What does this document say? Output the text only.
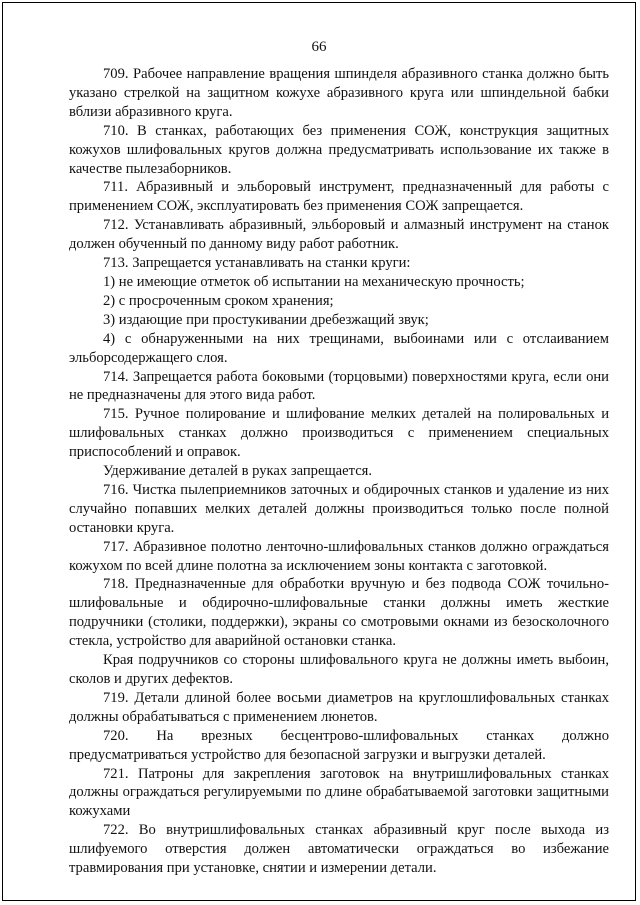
66

709. Рабочее направление вращения шпинделя абразивного станка должно быть указано стрелкой на защитном кожухе абразивного круга или шпиндельной бабки вблизи абразивного круга.

710. В станках, работающих без применения СОЖ, конструкция защитных кожухов шлифовальных кругов должна предусматривать использование их также в качестве пылезаборников.

711. Абразивный и эльборовый инструмент, предназначенный для работы с применением СОЖ, эксплуатировать без применения СОЖ запрещается.

712. Устанавливать абразивный, эльборовый и алмазный инструмент на станок должен обученный по данному виду работ работник.

713. Запрещается устанавливать на станки круги:

1) не имеющие отметок об испытании на механическую прочность;

2) с просроченным сроком хранения;

3) издающие при простукивании дребезжащий звук;

4) с обнаруженными на них трещинами, выбоинами или с отслаиванием эльборсодержащего слоя.

714. Запрещается работа боковыми (торцовыми) поверхностями круга, если они не предназначены для этого вида работ.

715. Ручное полирование и шлифование мелких деталей на полировальных и шлифовальных станках должно производиться с применением специальных приспособлений и оправок.

Удерживание деталей в руках запрещается.

716. Чистка пылеприемников заточных и обдирочных станков и удаление из них случайно попавших мелких деталей должны производиться только после полной остановки круга.

717. Абразивное полотно ленточно-шлифовальных станков должно ограждаться кожухом по всей длине полотна за исключением зоны контакта с заготовкой.

718. Предназначенные для обработки вручную и без подвода СОЖ точильно-шлифовальные и обдирочно-шлифовальные станки должны иметь жесткие подручники (столики, поддержки), экраны со смотровыми окнами из безосколочного стекла, устройство для аварийной остановки станка.

Края подручников со стороны шлифовального круга не должны иметь выбоин, сколов и других дефектов.

719. Детали длиной более восьми диаметров на круглошлифовальных станках должны обрабатываться с применением люнетов.

720. На врезных бесцентрово-шлифовальных станках должно предусматриваться устройство для безопасной загрузки и выгрузки деталей.

721. Патроны для закрепления заготовок на внутришлифовальных станках должны ограждаться регулируемыми по длине обрабатываемой заготовки защитными кожухами

722. Во внутришлифовальных станках абразивный круг после выхода из шлифуемого отверстия должен автоматически ограждаться во избежание травмирования при установке, снятии и измерении детали.
